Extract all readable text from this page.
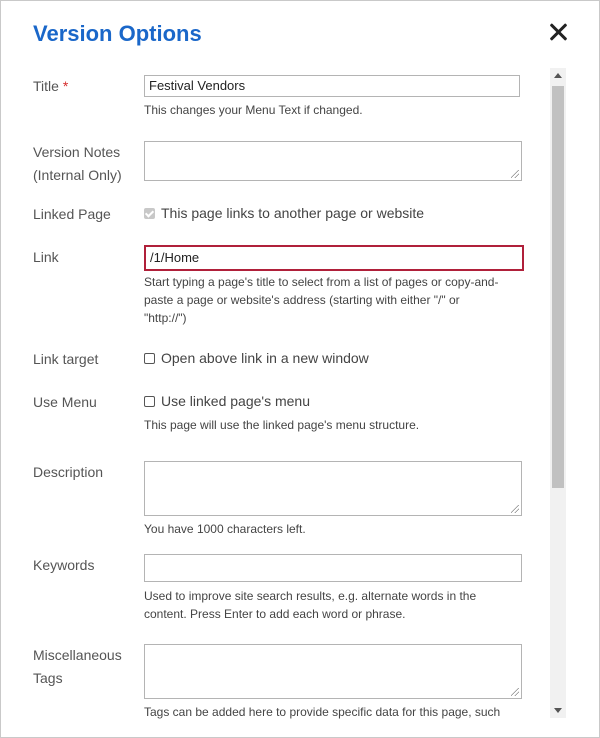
Version Options
Title *	Festival Vendors
This changes your Menu Text if changed.
Version Notes
(Internal Only)
Linked Page	This page links to another page or website
Link	/1/Home
Start typing a page's title to select from a list of pages or copy-and-
paste a page or website's address (starting with either "/" or
"http://")
Link target	Open above link in a new window
Use Menu	Use linked page's menu
This page will use the linked page's menu structure.
Description
You have 1000 characters left.
Keywords
Used to improve site search results, e.g. alternate words in the
content. Press Enter to add each word or phrase.
Miscellaneous
Tags
Tags can be added here to provide specific data for this page, such
